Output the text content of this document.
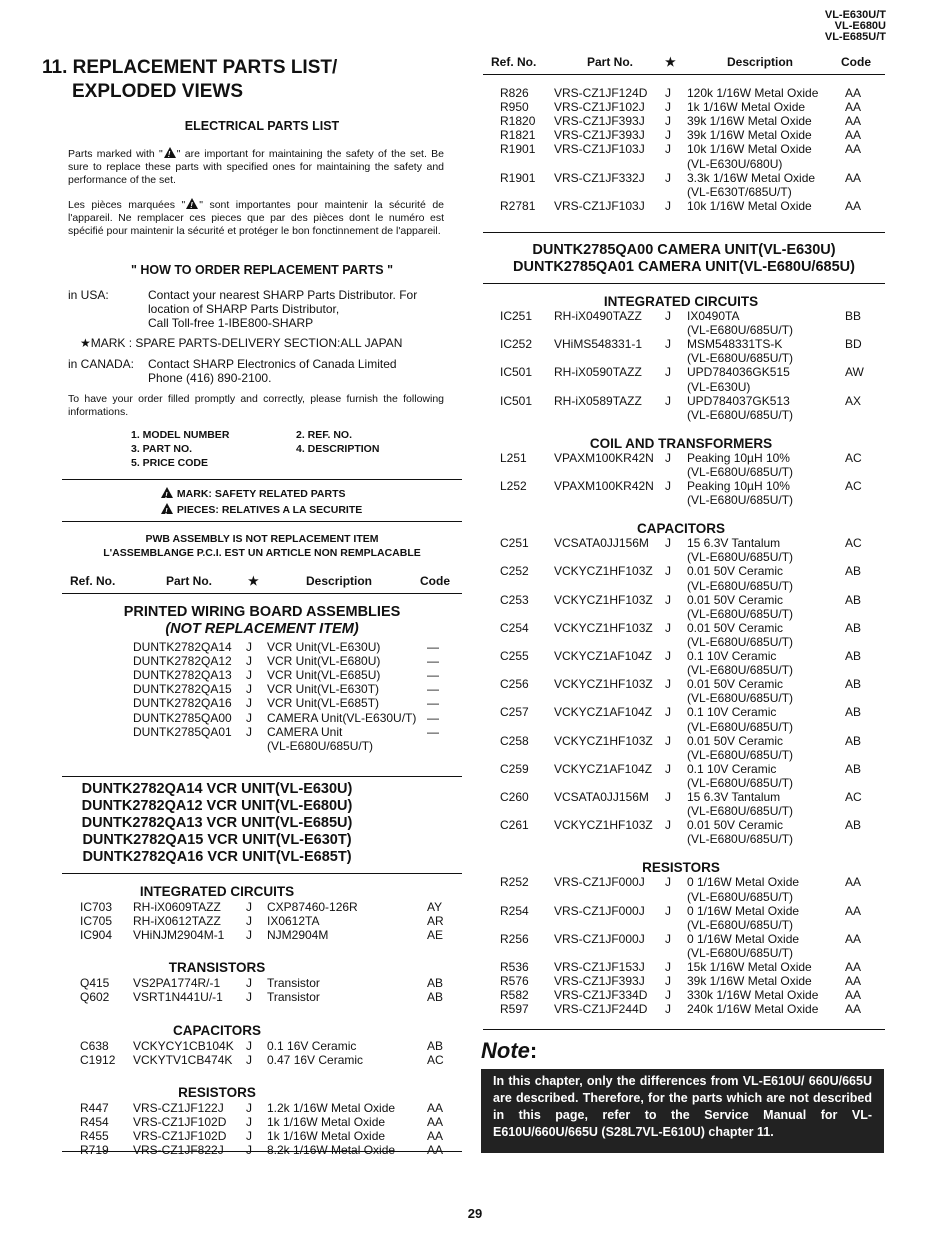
VL-E630U/T
VL-E680U
VL-E685U/T
11. REPLACEMENT PARTS LIST/
EXPLODED VIEWS
ELECTRICAL PARTS LIST
Parts marked with " ! " are important for maintaining the safety of the set. Be sure to replace these parts with specified ones for maintaining the safety and performance of the set.
Les pièces marquées " ! " sont importantes pour maintenir la sécurité de l'appareil. Ne remplacer ces pieces que par des pièces dont le numéro est spécifié pour maintenir la sécurité et protéger le bon fonctinnement de l'appareil.
" HOW TO ORDER REPLACEMENT PARTS "
in USA:	Contact your nearest SHARP Parts Distributor. For
location of SHARP Parts Distributor,
Call Toll-free 1-IBE800-SHARP
★MARK : SPARE PARTS-DELIVERY SECTION:ALL JAPAN
in CANADA: Contact SHARP Electronics of Canada Limited
Phone (416) 890-2100.
To have your order filled promptly and correctly, please furnish the following informations.
1. MODEL NUMBER
3. PART NO.
5. PRICE CODE
2. REF. NO.
4. DESCRIPTION
! MARK: SAFETY RELATED PARTS
! PIECES: RELATIVES A LA SECURITE
PWB ASSEMBLY IS NOT REPLACEMENT ITEM
L'ASSEMBLANGE P.C.I. EST UN ARTICLE NON REMPLACABLE
Ref. No.	Part No.	★	Description	Code
PRINTED WIRING BOARD ASSEMBLIES
(NOT REPLACEMENT ITEM)
DUNTK2782QA14 J VCR Unit(VL-E630U)	—
DUNTK2782QA12 J VCR Unit(VL-E680U)	—
DUNTK2782QA13 J VCR Unit(VL-E685U)	—
DUNTK2782QA15 J VCR Unit(VL-E630T)	—
DUNTK2782QA16 J VCR Unit(VL-E685T)	—
DUNTK2785QA00 J CAMERA Unit(VL-E630U/T) —
DUNTK2785QA01 J CAMERA Unit	—
(VL-E680U/685U/T)
DUNTK2782QA14 VCR UNIT(VL-E630U)
DUNTK2782QA12 VCR UNIT(VL-E680U)
DUNTK2782QA13 VCR UNIT(VL-E685U)
DUNTK2782QA15 VCR UNIT(VL-E630T)
DUNTK2782QA16 VCR UNIT(VL-E685T)
INTEGRATED CIRCUITS
IC703 RH-iX0609TAZZ J CXP87460-126R	AY
IC705 RH-iX0612TAZZ J IX0612TA	AR
IC904 VHiNJM2904M-1 J NJM2904M	AE
TRANSISTORS
Q415 VS2PA1774R/-1 J Transistor	AB
Q602 VSRT1N441U/-1 J Transistor	AB
CAPACITORS
C638 VCKYCY1CB104K J 0.1 16V Ceramic	AB
C1912 VCKYTV1CB474K J 0.47 16V Ceramic	AC
RESISTORS
R447 VRS-CZ1JF122J J 1.2k 1/16W Metal Oxide	AA
R454 VRS-CZ1JF102D J 1k 1/16W Metal Oxide	AA
R455 VRS-CZ1JF102D J 1k 1/16W Metal Oxide	AA
R719 VRS-CZ1JF822J J 8.2k 1/16W Metal Oxide	AA
Ref. No.	Part No.	★	Description	Code
R826 VRS-CZ1JF124D J 120k 1/16W Metal Oxide AA
R950 VRS-CZ1JF102J J 1k 1/16W Metal Oxide	AA
R1820 VRS-CZ1JF393J J 39k 1/16W Metal Oxide	AA
R1821 VRS-CZ1JF393J J 39k 1/16W Metal Oxide	AA
R1901 VRS-CZ1JF103J J 10k 1/16W Metal Oxide	AA
(VL-E630U/680U)
R1901 VRS-CZ1JF332J J 3.3k 1/16W Metal Oxide AA
(VL-E630T/685U/T)
R2781 VRS-CZ1JF103J J 10k 1/16W Metal Oxide	AA
DUNTK2785QA00 CAMERA UNIT(VL-E630U)
DUNTK2785QA01 CAMERA UNIT(VL-E680U/685U)
INTEGRATED CIRCUITS
IC251 RH-iX0490TAZZ J IX0490TA	BB
(VL-E680U/685U/T)
IC252 VHiMS548331-1 J MSM548331TS-K	BD
(VL-E680U/685U/T)
IC501 RH-iX0590TAZZ J UPD784036GK515	AW
(VL-E630U)
IC501 RH-iX0589TAZZ J UPD784037GK513	AX
(VL-E680U/685U/T)
COIL AND TRANSFORMERS
L251 VPAXM100KR42N J Peaking 10µH 10%	AC
(VL-E680U/685U/T)
L252 VPAXM100KR42N J Peaking 10µH 10%	AC
(VL-E680U/685U/T)
CAPACITORS
C251 VCSATA0JJ156M J 15 6.3V Tantalum	AC
(VL-E680U/685U/T)
C252 VCKYCZ1HF103Z J 0.01 50V Ceramic	AB
(VL-E680U/685U/T)
C253 VCKYCZ1HF103Z J 0.01 50V Ceramic	AB
(VL-E680U/685U/T)
C254 VCKYCZ1HF103Z J 0.01 50V Ceramic	AB
(VL-E680U/685U/T)
C255 VCKYCZ1AF104Z J 0.1 10V Ceramic	AB
(VL-E680U/685U/T)
C256 VCKYCZ1HF103Z J 0.01 50V Ceramic	AB
(VL-E680U/685U/T)
C257 VCKYCZ1AF104Z J 0.1 10V Ceramic	AB
(VL-E680U/685U/T)
C258 VCKYCZ1HF103Z J 0.01 50V Ceramic	AB
(VL-E680U/685U/T)
C259 VCKYCZ1AF104Z J 0.1 10V Ceramic	AB
(VL-E680U/685U/T)
C260 VCSATA0JJ156M J 15 6.3V Tantalum	AC
(VL-E680U/685U/T)
C261 VCKYCZ1HF103Z J 0.01 50V Ceramic	AB
(VL-E680U/685U/T)
RESISTORS
R252 VRS-CZ1JF000J J 0 1/16W Metal Oxide	AA
(VL-E680U/685U/T)
R254 VRS-CZ1JF000J J 0 1/16W Metal Oxide	AA
(VL-E680U/685U/T)
R256 VRS-CZ1JF000J J 0 1/16W Metal Oxide	AA
(VL-E680U/685U/T)
R536 VRS-CZ1JF153J J 15k 1/16W Metal Oxide	AA
R576 VRS-CZ1JF393J J 39k 1/16W Metal Oxide	AA
R582 VRS-CZ1JF334D J 330k 1/16W Metal Oxide AA
R597 VRS-CZ1JF244D J 240k 1/16W Metal Oxide AA
Note:
In this chapter, only the differences from VL-E610U/ 660U/665U are described. Therefore, for the parts which are not described in this page, refer to the Service Manual for VL-E610U/660U/665U (S28L7VL-E610U) chapter 11.
29
